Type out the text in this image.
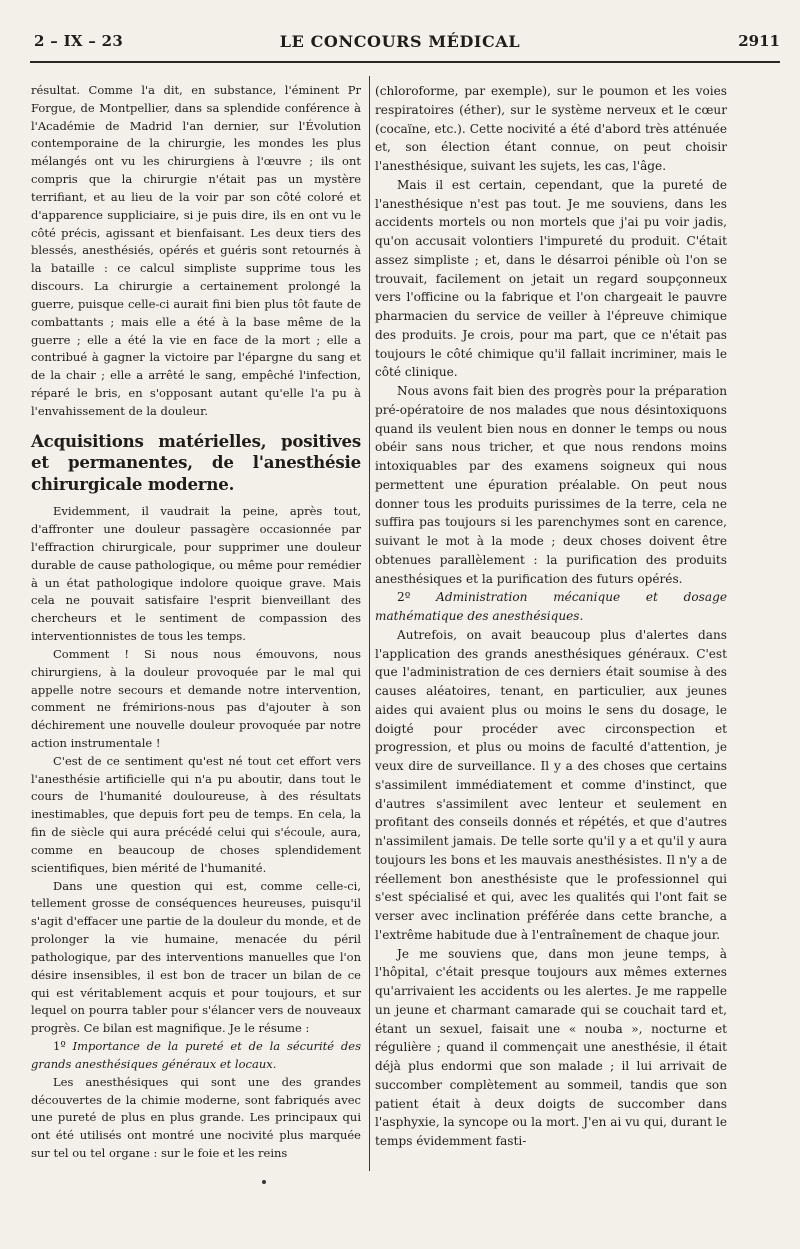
2 – IX – 23	LE CONCOURS MÉDICAL	2911

résultat. Comme l'a dit, en substance, l'éminent Pr Forgue, de Montpellier, dans sa splendide conférence à l'Académie de Madrid l'an dernier, sur l'Évolution contemporaine de la chirurgie, les mondes les plus mélangés ont vu les chirurgiens à l'œuvre ; ils ont compris que la chirurgie n'était pas un mystère terrifiant, et au lieu de la voir par son côté coloré et d'apparence suppliciaire, si je puis dire, ils en ont vu le côté précis, agissant et bienfaisant. Les deux tiers des blessés, anesthésiés, opérés et guéris sont retournés à la bataille : ce calcul simpliste supprime tous les discours. La chirurgie a certainement prolongé la guerre, puisque celle-ci aurait fini bien plus tôt faute de combattants ; mais elle a été à la base même de la guerre ; elle a été la vie en face de la mort ; elle a contribué à gagner la victoire par l'épargne du sang et de la chair ; elle a arrêté le sang, empêché l'infection, réparé le bris, en s'opposant autant qu'elle l'a pu à l'envahissement de la douleur.

Acquisitions matérielles, positives et permanentes, de l'anesthésie chirurgicale moderne.

Evidemment, il vaudrait la peine, après tout, d'affronter une douleur passagère occasionnée par l'effraction chirurgicale, pour supprimer une douleur durable de cause pathologique, ou même pour remédier à un état pathologique indolore quoique grave. Mais cela ne pouvait satisfaire l'esprit bienveillant des chercheurs et le sentiment de compassion des interventionnistes de tous les temps.

Comment ! Si nous nous émouvons, nous chirurgiens, à la douleur provoquée par le mal qui appelle notre secours et demande notre intervention, comment ne frémirions-nous pas d'ajouter à son déchirement une nouvelle douleur provoquée par notre action instrumentale !

C'est de ce sentiment qu'est né tout cet effort vers l'anesthésie artificielle qui n'a pu aboutir, dans tout le cours de l'humanité douloureuse, à des résultats inestimables, que depuis fort peu de temps. En cela, la fin de siècle qui aura précédé celui qui s'écoule, aura, comme en beaucoup de choses splendidement scientifiques, bien mérité de l'humanité.

Dans une question qui est, comme celle-ci, tellement grosse de conséquences heureuses, puisqu'il s'agit d'effacer une partie de la douleur du monde, et de prolonger la vie humaine, menacée du péril pathologique, par des interventions manuelles que l'on désire insensibles, il est bon de tracer un bilan de ce qui est véritablement acquis et pour toujours, et sur lequel on pourra tabler pour s'élancer vers de nouveaux progrès. Ce bilan est magnifique. Je le résume :

1º Importance de la pureté et de la sécurité des grands anesthésiques généraux et locaux.

Les anesthésiques qui sont une des grandes découvertes de la chimie moderne, sont fabriqués avec une pureté de plus en plus grande. Les principaux qui ont été utilisés ont montré une nocivité plus marquée sur tel ou tel organe : sur le foie et les reins

(chloroforme, par exemple), sur le poumon et les voies respiratoires (éther), sur le système nerveux et le cœur (cocaïne, etc.). Cette nocivité a été d'abord très atténuée et, son élection étant connue, on peut choisir l'anesthésique, suivant les sujets, les cas, l'âge.

Mais il est certain, cependant, que la pureté de l'anesthésique n'est pas tout. Je me souviens, dans les accidents mortels ou non mortels que j'ai pu voir jadis, qu'on accusait volontiers l'impureté du produit. C'était assez simpliste ; et, dans le désarroi pénible où l'on se trouvait, facilement on jetait un regard soupçonneux vers l'officine ou la fabrique et l'on chargeait le pauvre pharmacien du service de veiller à l'épreuve chimique des produits. Je crois, pour ma part, que ce n'était pas toujours le côté chimique qu'il fallait incriminer, mais le côté clinique.

Nous avons fait bien des progrès pour la préparation pré-opératoire de nos malades que nous désintoxiquons quand ils veulent bien nous en donner le temps ou nous obéir sans nous tricher, et que nous rendons moins intoxiquables par des examens soigneux qui nous permettent une épuration préalable. On peut nous donner tous les produits purissimes de la terre, cela ne suffira pas toujours si les parenchymes sont en carence, suivant le mot à la mode ; deux choses doivent être obtenues parallèlement : la purification des produits anesthésiques et la purification des futurs opérés.

2º Administration mécanique et dosage mathématique des anesthésiques.

Autrefois, on avait beaucoup plus d'alertes dans l'application des grands anesthésiques généraux. C'est que l'administration de ces derniers était soumise à des causes aléatoires, tenant, en particulier, aux jeunes aides qui avaient plus ou moins le sens du dosage, le doigté pour procéder avec circonspection et progression, et plus ou moins de faculté d'attention, je veux dire de surveillance. Il y a des choses que certains s'assimilent immédiatement et comme d'instinct, que d'autres s'assimilent avec lenteur et seulement en profitant des conseils donnés et répétés, et que d'autres n'assimilent jamais. De telle sorte qu'il y a et qu'il y aura toujours les bons et les mauvais anesthésistes. Il n'y a de réellement bon anesthésiste que le professionnel qui s'est spécialisé et qui, avec les qualités qui l'ont fait se verser avec inclination préférée dans cette branche, a l'extrême habitude due à l'entraînement de chaque jour.

Je me souviens que, dans mon jeune temps, à l'hôpital, c'était presque toujours aux mêmes externes qu'arrivaient les accidents ou les alertes. Je me rappelle un jeune et charmant camarade qui se couchait tard et, étant un sexuel, faisait une « nouba », nocturne et régulière ; quand il commençait une anesthésie, il était déjà plus endormi que son malade ; il lui arrivait de succomber complètement au sommeil, tandis que son patient était à deux doigts de succomber dans l'asphyxie, la syncope ou la mort. J'en ai vu qui, durant le temps évidemment fasti-
